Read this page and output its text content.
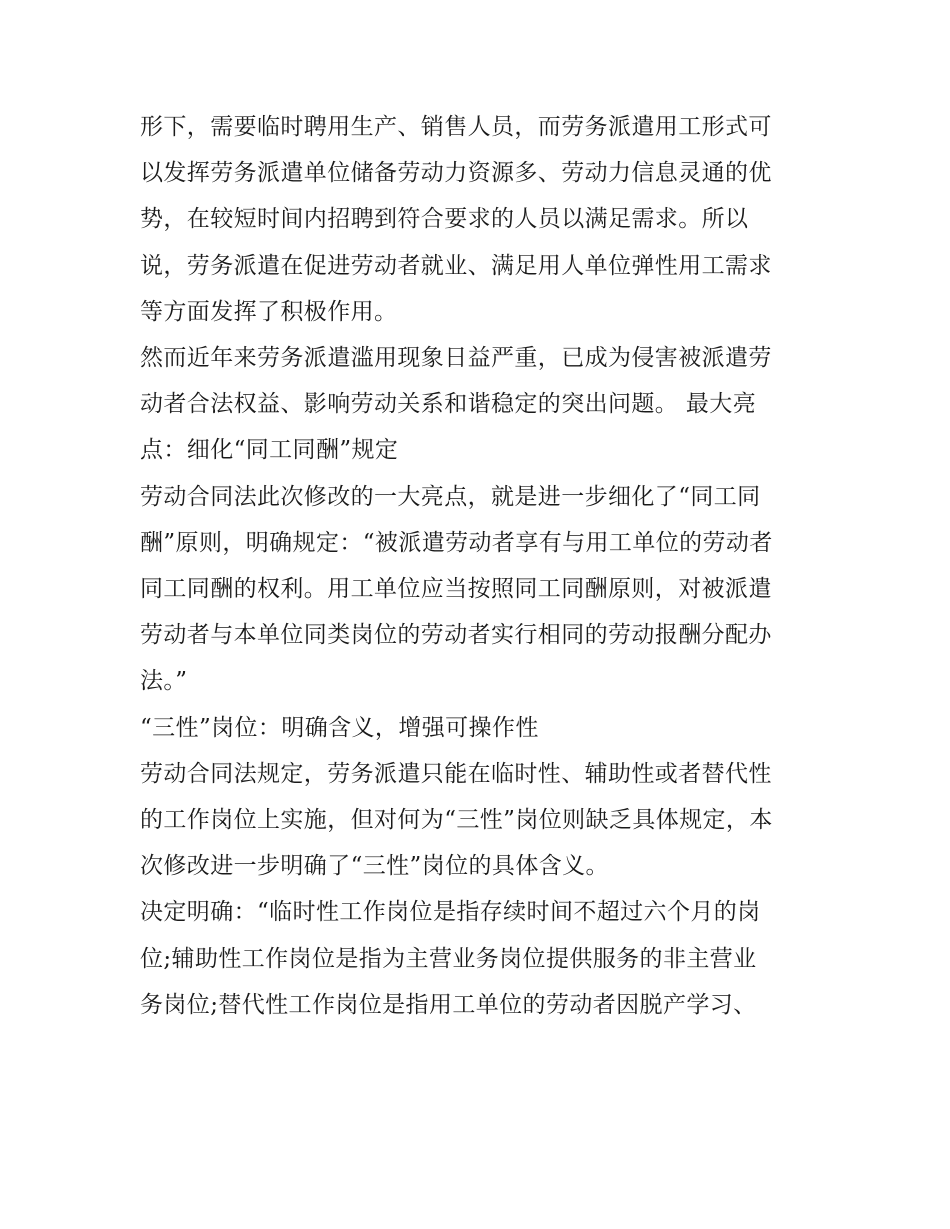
形下，需要临时聘用生产、销售人员，而劳务派遣用工形式可

以发挥劳务派遣单位储备劳动力资源多、劳动力信息灵通的优

势，在较短时间内招聘到符合要求的人员以满足需求。所以

说，劳务派遣在促进劳动者就业、满足用人单位弹性用工需求

等方面发挥了积极作用。

然而近年来劳务派遣滥用现象日益严重，已成为侵害被派遣劳

动者合法权益、影响劳动关系和谐稳定的突出问题。 最大亮

点：细化“同工同酬”规定

劳动合同法此次修改的一大亮点，就是进一步细化了“同工同

酬”原则，明确规定：“被派遣劳动者享有与用工单位的劳动者

同工同酬的权利。用工单位应当按照同工同酬原则，对被派遣

劳动者与本单位同类岗位的劳动者实行相同的劳动报酬分配办

法。”

“三性”岗位：明确含义，增强可操作性

劳动合同法规定，劳务派遣只能在临时性、辅助性或者替代性

的工作岗位上实施，但对何为“三性”岗位则缺乏具体规定，本

次修改进一步明确了“三性”岗位的具体含义。

决定明确：“临时性工作岗位是指存续时间不超过六个月的岗

位;辅助性工作岗位是指为主营业务岗位提供服务的非主营业

务岗位;替代性工作岗位是指用工单位的劳动者因脱产学习、
